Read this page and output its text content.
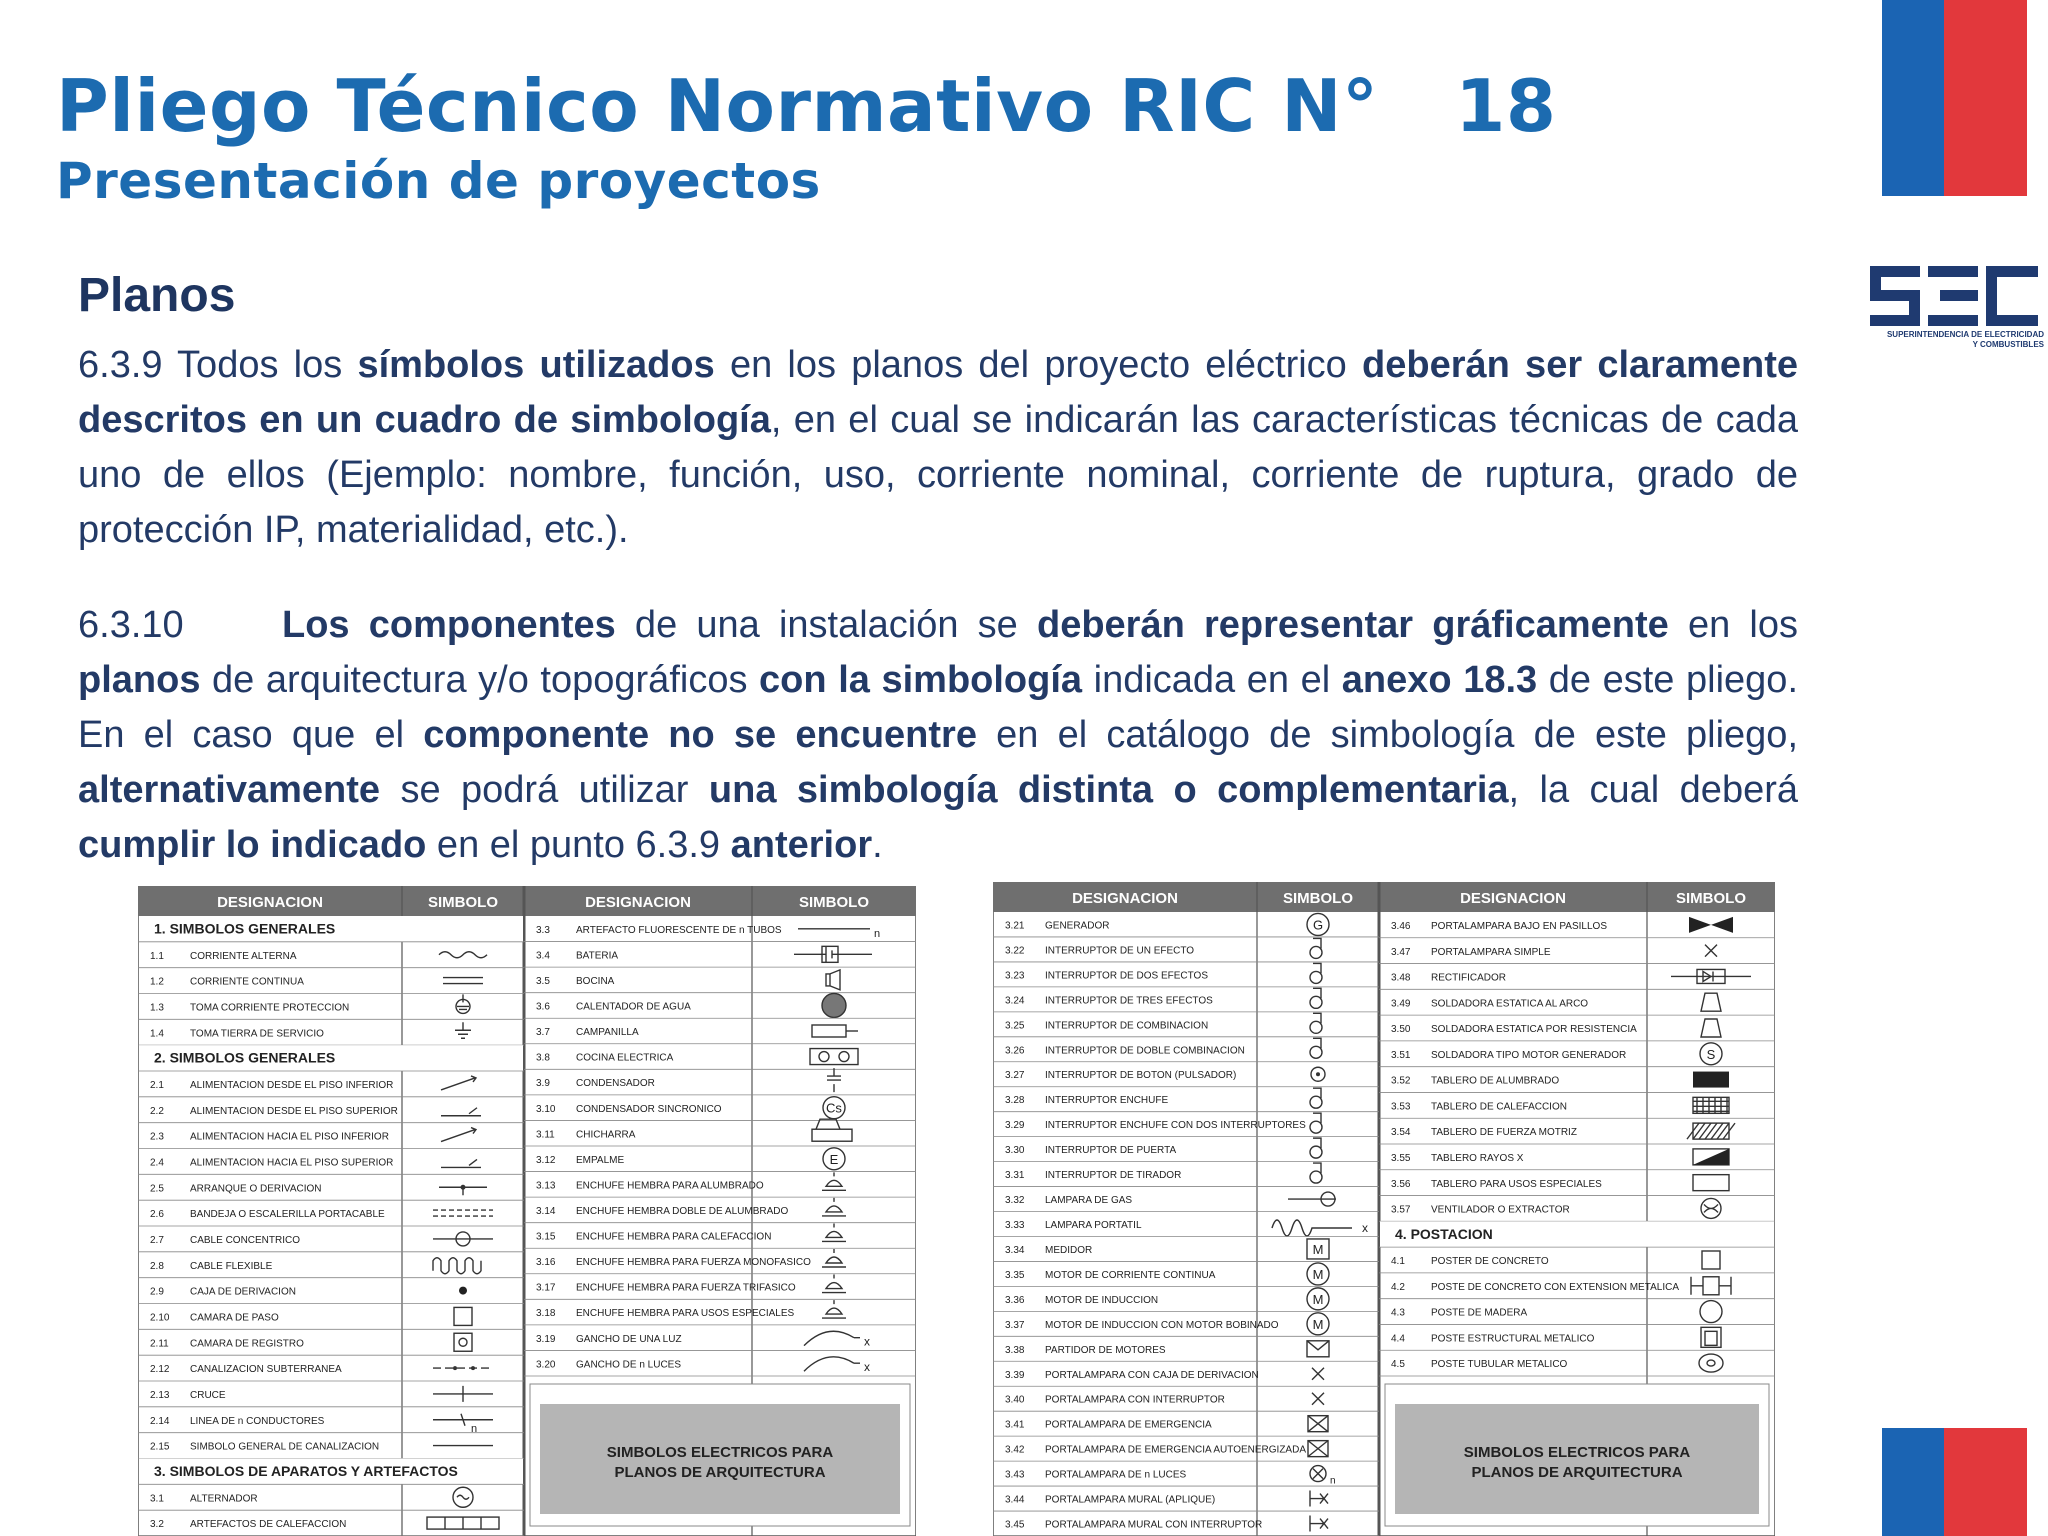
Pliego Técnico Normativo RIC N°   18
Presentación de proyectos
SUPERINTENDENCIA DE ELECTRICIDAD
Y COMBUSTIBLES
Planos

6.3.9 Todos los símbolos utilizados en los planos del proyecto eléctrico deberán ser claramente descritos en un cuadro de simbología, en el cual se indicarán las características técnicas de cada uno de ellos (Ejemplo: nombre, función, uso, corriente nominal, corriente de ruptura, grado de protección IP, materialidad, etc.).

6.3.10	Los componentes de una instalación se deberán representar gráficamente en los planos de arquitectura y/o topográficos con la simbología indicada en el anexo 18.3 de este pliego. En el caso que el componente no se encuentre en el catálogo de simbología de este pliego, alternativamente se podrá utilizar una simbología distinta o complementaria, la cual deberá cumplir lo indicado en el punto 6.3.9 anterior.

DESIGNACION	SIMBOLO	DESIGNACION	SIMBOLO
1. SIMBOLOS GENERALES
1.1	CORRIENTE ALTERNA
1.2	CORRIENTE CONTINUA
1.3	TOMA CORRIENTE PROTECCION
1.4	TOMA TIERRA DE SERVICIO
2. SIMBOLOS GENERALES
2.1	ALIMENTACION DESDE EL PISO INFERIOR
2.2	ALIMENTACION DESDE EL PISO SUPERIOR
2.3	ALIMENTACION HACIA EL PISO INFERIOR
2.4	ALIMENTACION HACIA EL PISO SUPERIOR
2.5	ARRANQUE O DERIVACION
2.6	BANDEJA O ESCALERILLA PORTACABLE
2.7	CABLE CONCENTRICO
2.8	CABLE FLEXIBLE
2.9	CAJA DE DERIVACION
2.10 CAMARA DE PASO
2.11 CAMARA DE REGISTRO
2.12 CANALIZACION SUBTERRANEA
2.13 CRUCE
2.14 LINEA DE n CONDUCTORES
n
2.15 SIMBOLO GENERAL DE CANALIZACION
3. SIMBOLOS DE APARATOS Y ARTEFACTOS
3.1	ALTERNADOR
3.2	ARTEFACTOS DE CALEFACCION
3.3	ARTEFACTO FLUORESCENTE DE n TUBOS	n
3.4	BATERIA
3.5	BOCINA
3.6	CALENTADOR DE AGUA
3.7	CAMPANILLA
3.8	COCINA ELECTRICA
3.9	CONDENSADOR
3.10 CONDENSADOR SINCRONICO	Cs
3.11 CHICHARRA
3.12 EMPALME	E
3.13 ENCHUFE HEMBRA PARA ALUMBRADO
3.14 ENCHUFE HEMBRA DOBLE DE ALUMBRADO
3.15 ENCHUFE HEMBRA PARA CALEFACCION
3.16 ENCHUFE HEMBRA PARA FUERZA MONOFASICO
3.17 ENCHUFE HEMBRA PARA FUERZA TRIFASICO
3.18 ENCHUFE HEMBRA PARA USOS ESPECIALES
3.19 GANCHO DE UNA LUZ	x
3.20 GANCHO DE n LUCES	x
SIMBOLOS ELECTRICOS PARA
PLANOS DE ARQUITECTURA
DESIGNACION	SIMBOLO	DESIGNACION	SIMBOLO
3.21 GENERADOR	G
3.22 INTERRUPTOR DE UN EFECTO
3.23 INTERRUPTOR DE DOS EFECTOS
3.24 INTERRUPTOR DE TRES EFECTOS
3.25 INTERRUPTOR DE COMBINACION
3.26 INTERRUPTOR DE DOBLE COMBINACION
3.27 INTERRUPTOR DE BOTON (PULSADOR)
3.28 INTERRUPTOR ENCHUFE
3.29 INTERRUPTOR ENCHUFE CON DOS INTERRUPTORES
3.30 INTERRUPTOR DE PUERTA
3.31 INTERRUPTOR DE TIRADOR
3.32 LAMPARA DE GAS
3.33 LAMPARA PORTATIL	x
3.34 MEDIDOR	M
3.35 MOTOR DE CORRIENTE CONTINUA	M
3.36 MOTOR DE INDUCCION	M
3.37 MOTOR DE INDUCCION CON MOTOR BOBINADO	M
3.38 PARTIDOR DE MOTORES
3.39 PORTALAMPARA CON CAJA DE DERIVACION
3.40 PORTALAMPARA CON INTERRUPTOR
3.41 PORTALAMPARA DE EMERGENCIA
3.42 PORTALAMPARA DE EMERGENCIA AUTOENERGIZADA
3.43 PORTALAMPARA DE n LUCES
n
3.44 PORTALAMPARA MURAL (APLIQUE)
3.45 PORTALAMPARA MURAL CON INTERRUPTOR
3.46 PORTALAMPARA BAJO EN PASILLOS
3.47 PORTALAMPARA SIMPLE
3.48 RECTIFICADOR
3.49 SOLDADORA ESTATICA AL ARCO
3.50 SOLDADORA ESTATICA POR RESISTENCIA
3.51 SOLDADORA TIPO MOTOR GENERADOR	S
3.52 TABLERO DE ALUMBRADO
3.53 TABLERO DE CALEFACCION
3.54 TABLERO DE FUERZA MOTRIZ
3.55 TABLERO RAYOS X
3.56 TABLERO PARA USOS ESPECIALES
3.57 VENTILADOR O EXTRACTOR
4. POSTACION
4.1	POSTER DE CONCRETO
4.2	POSTE DE CONCRETO CON EXTENSION METALICA
4.3	POSTE DE MADERA
4.4	POSTE ESTRUCTURAL METALICO
4.5	POSTE TUBULAR METALICO
SIMBOLOS ELECTRICOS PARA
PLANOS DE ARQUITECTURA
